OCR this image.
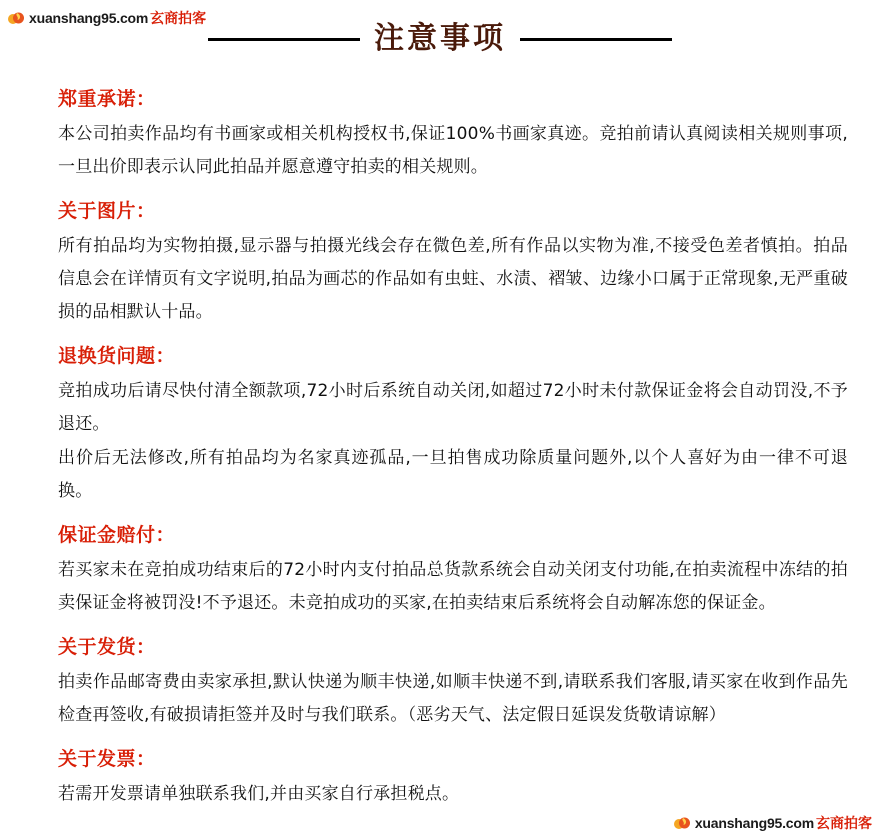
xuanshang95.com 玄商拍客
注意事项
郑重承诺：

本公司拍卖作品均有书画家或相关机构授权书,保证100%书画家真迹。竞拍前请认真阅读相关规则事项,一旦出价即表示认同此拍品并愿意遵守拍卖的相关规则。

关于图片：

所有拍品均为实物拍摄,显示器与拍摄光线会存在微色差,所有作品以实物为准,不接受色差者慎拍。拍品信息会在详情页有文字说明,拍品为画芯的作品如有虫蛀、水渍、褶皱、边缘小口属于正常现象,无严重破损的品相默认十品。

退换货问题：

竞拍成功后请尽快付清全额款项,72小时后系统自动关闭,如超过72小时未付款保证金将会自动罚没,不予退还。

出价后无法修改,所有拍品均为名家真迹孤品,一旦拍售成功除质量问题外,以个人喜好为由一律不可退换。

保证金赔付：

若买家未在竞拍成功结束后的72小时内支付拍品总货款系统会自动关闭支付功能,在拍卖流程中冻结的拍卖保证金将被罚没!不予退还。未竞拍成功的买家,在拍卖结束后系统将会自动解冻您的保证金。

关于发货：

拍卖作品邮寄费由卖家承担,默认快递为顺丰快递,如顺丰快递不到,请联系我们客服,请买家在收到作品先检查再签收,有破损请拒签并及时与我们联系。（恶劣天气、法定假日延误发货敬请谅解）

关于发票：

若需开发票请单独联系我们,并由买家自行承担税点。

xuanshang95.com 玄商拍客
